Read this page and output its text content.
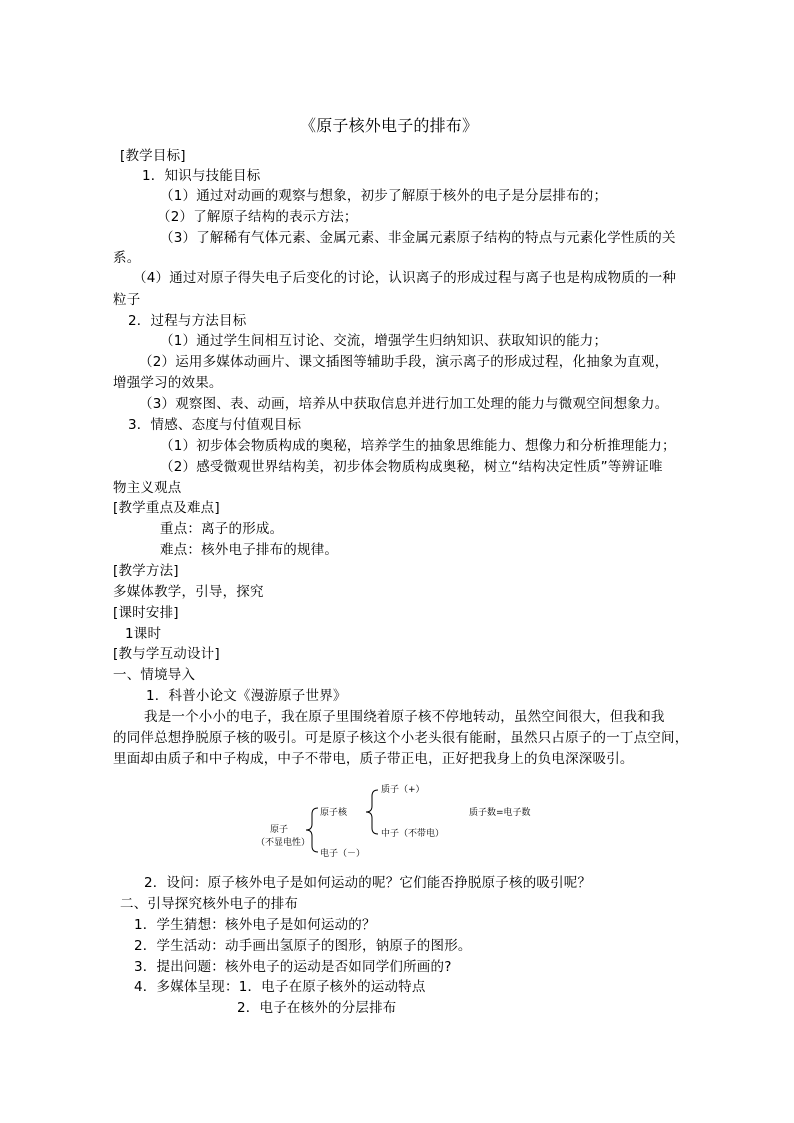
《原子核外电子的排布》
[教学目标]
1．知识与技能目标
（1）通过对动画的观察与想象，初步了解原于核外的电子是分层排布的；
（2）了解原子结构的表示方法；
（3）了解稀有气体元素、金属元素、非金属元素原子结构的特点与元素化学性质的关
系。
（4）通过对原子得失电子后变化的讨论，认识离子的形成过程与离子也是构成物质的一种
粒子
2．过程与方法目标
（1）通过学生间相互讨论、交流，增强学生归纳知识、获取知识的能力；
（2）运用多媒体动画片、课文插图等辅助手段，演示离子的形成过程，化抽象为直观，
增强学习的效果。
（3）观察图、表、动画，培养从中获取信息并进行加工处理的能力与微观空间想象力。
3．情感、态度与付值观目标
（1）初步体会物质构成的奥秘，培养学生的抽象思维能力、想像力和分析推理能力；
（2）感受微观世界结构美，初步体会物质构成奥秘，树立“结构决定性质”等辨证唯
物主义观点
[教学重点及难点]
重点：离子的形成。
难点：核外电子排布的规律。
[教学方法]
多媒体教学，引导，探究
[课时安排]
1课时
[教与学互动设计]
一、情境导入
1．科普小论文《漫游原子世界》
我是一个小小的电子，我在原子里围绕着原子核不停地转动，虽然空间很大，但我和我
的同伴总想挣脱原子核的吸引。可是原子核这个小老头很有能耐，虽然只占原子的一丁点空间，
里面却由质子和中子构成，中子不带电，质子带正电，正好把我身上的负电深深吸引。
原子
（不显电性）
原子核
电子（－）
质子（+）
中子（不带电）
质子数=电子数
2．设问：原子核外电子是如何运动的呢？它们能否挣脱原子核的吸引呢？
二、引导探究核外电子的排布
1．学生猜想：核外电子是如何运动的？
2．学生活动：动手画出氢原子的图形，钠原子的图形。
3．提出问题：核外电子的运动是否如同学们所画的?
4．多媒体呈现：1．电子在原子核外的运动特点
2．电子在核外的分层排布
